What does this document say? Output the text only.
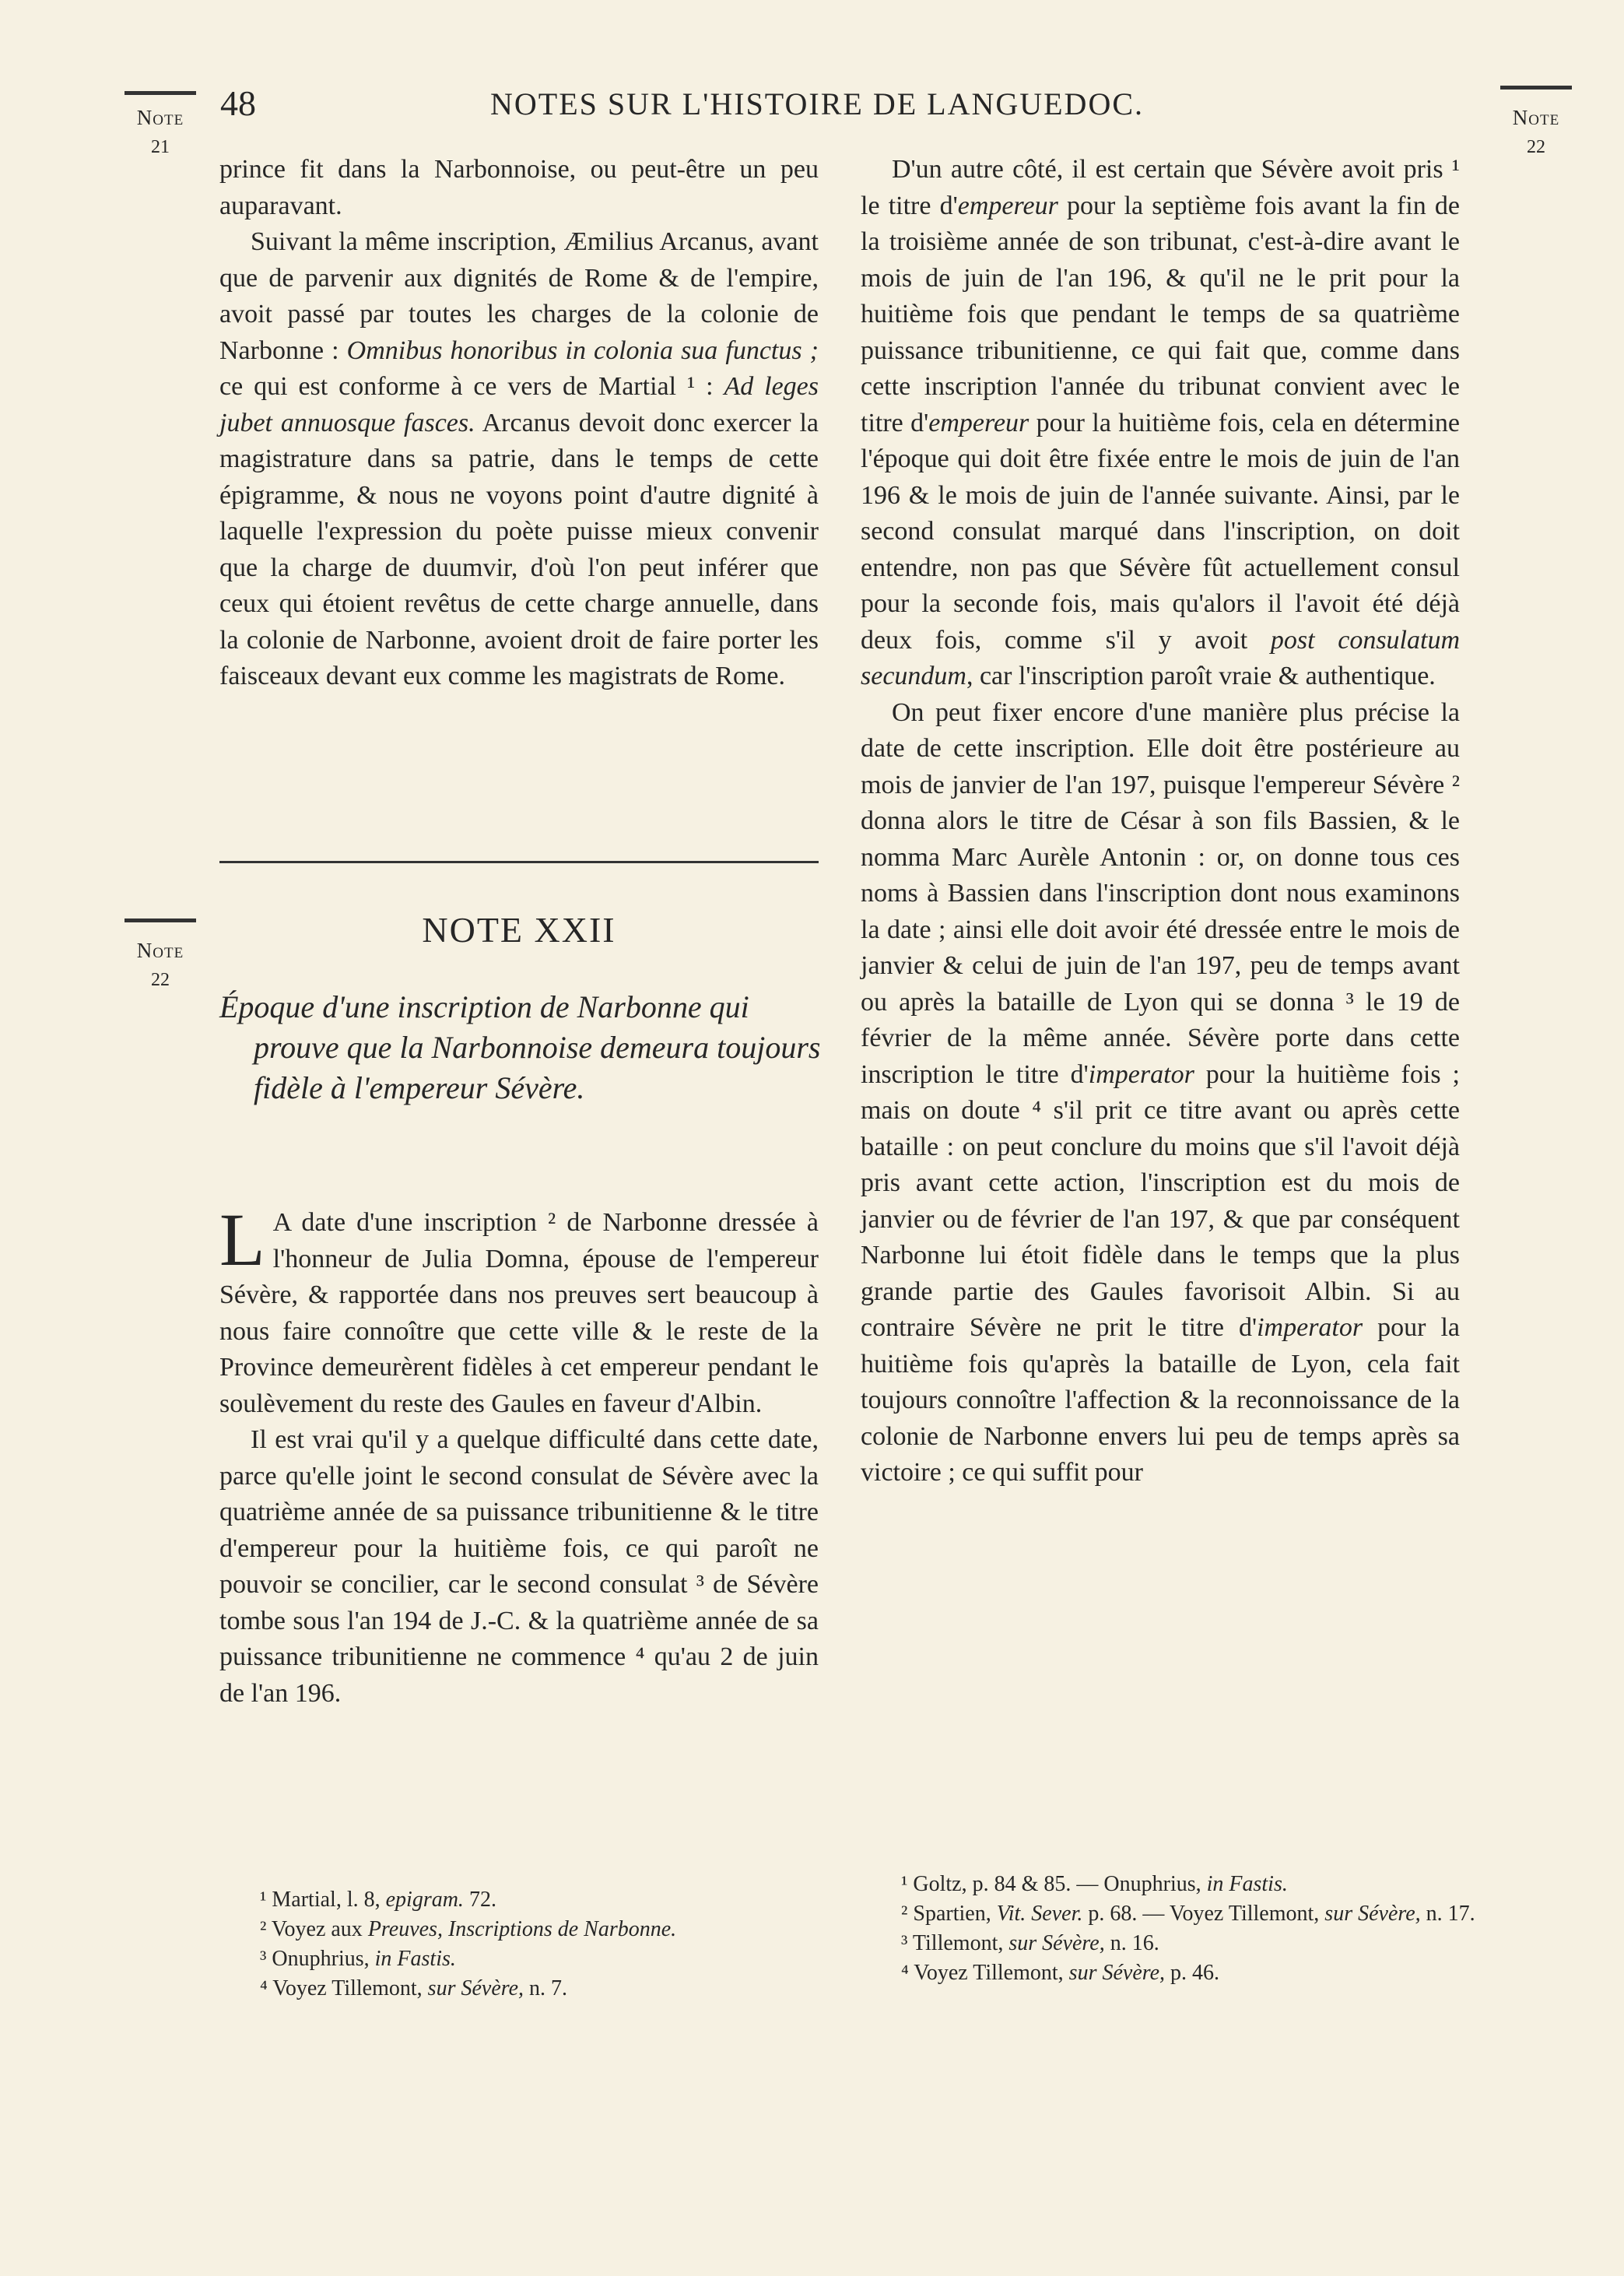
48	NOTES SUR L'HISTOIRE DE LANGUEDOC.
Note
21
Note
22
Note
22

prince fit dans la Narbonnoise, ou peut-être un peu auparavant.

Suivant la même inscription, Æmilius Arcanus, avant que de parvenir aux dignités de Rome & de l'empire, avoit passé par toutes les charges de la colonie de Narbonne : Omnibus honoribus in colonia sua functus ; ce qui est conforme à ce vers de Martial ¹ : Ad leges jubet annuosque fasces. Arcanus devoit donc exercer la magistrature dans sa patrie, dans le temps de cette épigramme, & nous ne voyons point d'autre dignité à laquelle l'expression du poète puisse mieux convenir que la charge de duumvir, d'où l'on peut inférer que ceux qui étoient revêtus de cette charge annuelle, dans la colonie de Narbonne, avoient droit de faire porter les faisceaux devant eux comme les magistrats de Rome.

NOTE XXII
Époque d'une inscription de Narbonne qui prouve que la Narbonnoise demeura toujours fidèle à l'empereur Sévère.

L A date d'une inscription ² de Narbonne dressée à l'honneur de Julia Domna, épouse de l'empereur Sévère, & rapportée dans nos preuves sert beaucoup à nous faire connoître que cette ville & le reste de la Province demeurèrent fidèles à cet empereur pendant le soulèvement du reste des Gaules en faveur d'Albin.

Il est vrai qu'il y a quelque difficulté dans cette date, parce qu'elle joint le second consulat de Sévère avec la quatrième année de sa puissance tribunitienne & le titre d'empereur pour la huitième fois, ce qui paroît ne pouvoir se concilier, car le second consulat ³ de Sévère tombe sous l'an 194 de J.-C. & la quatrième année de sa puissance tribunitienne ne commence ⁴ qu'au 2 de juin de l'an 196.

¹ Martial, l. 8, epigram. 72.
² Voyez aux Preuves, Inscriptions de Narbonne.
³ Onuphrius, in Fastis.
⁴ Voyez Tillemont, sur Sévère, n. 7.

D'un autre côté, il est certain que Sévère avoit pris ¹ le titre d'empereur pour la septième fois avant la fin de la troisième année de son tribunat, c'est-à-dire avant le mois de juin de l'an 196, & qu'il ne le prit pour la huitième fois que pendant le temps de sa quatrième puissance tribunitienne, ce qui fait que, comme dans cette inscription l'année du tribunat convient avec le titre d'empereur pour la huitième fois, cela en détermine l'époque qui doit être fixée entre le mois de juin de l'an 196 & le mois de juin de l'année suivante. Ainsi, par le second consulat marqué dans l'inscription, on doit entendre, non pas que Sévère fût actuellement consul pour la seconde fois, mais qu'alors il l'avoit été déjà deux fois, comme s'il y avoit post consulatum secundum, car l'inscription paroît vraie & authentique.

On peut fixer encore d'une manière plus précise la date de cette inscription. Elle doit être postérieure au mois de janvier de l'an 197, puisque l'empereur Sévère ² donna alors le titre de César à son fils Bassien, & le nomma Marc Aurèle Antonin : or, on donne tous ces noms à Bassien dans l'inscription dont nous examinons la date ; ainsi elle doit avoir été dressée entre le mois de janvier & celui de juin de l'an 197, peu de temps avant ou après la bataille de Lyon qui se donna ³ le 19 de février de la même année. Sévère porte dans cette inscription le titre d'imperator pour la huitième fois ; mais on doute ⁴ s'il prit ce titre avant ou après cette bataille : on peut conclure du moins que s'il l'avoit déjà pris avant cette action, l'inscription est du mois de janvier ou de février de l'an 197, & que par conséquent Narbonne lui étoit fidèle dans le temps que la plus grande partie des Gaules favorisoit Albin. Si au contraire Sévère ne prit le titre d'imperator pour la huitième fois qu'après la bataille de Lyon, cela fait toujours connoître l'affection & la reconnoissance de la colonie de Narbonne envers lui peu de temps après sa victoire ; ce qui suffit pour

¹ Goltz, p. 84 & 85. — Onuphrius, in Fastis.
² Spartien, Vit. Sever. p. 68. — Voyez Tillemont, sur Sévère, n. 17.
³ Tillemont, sur Sévère, n. 16.
⁴ Voyez Tillemont, sur Sévère, p. 46.
